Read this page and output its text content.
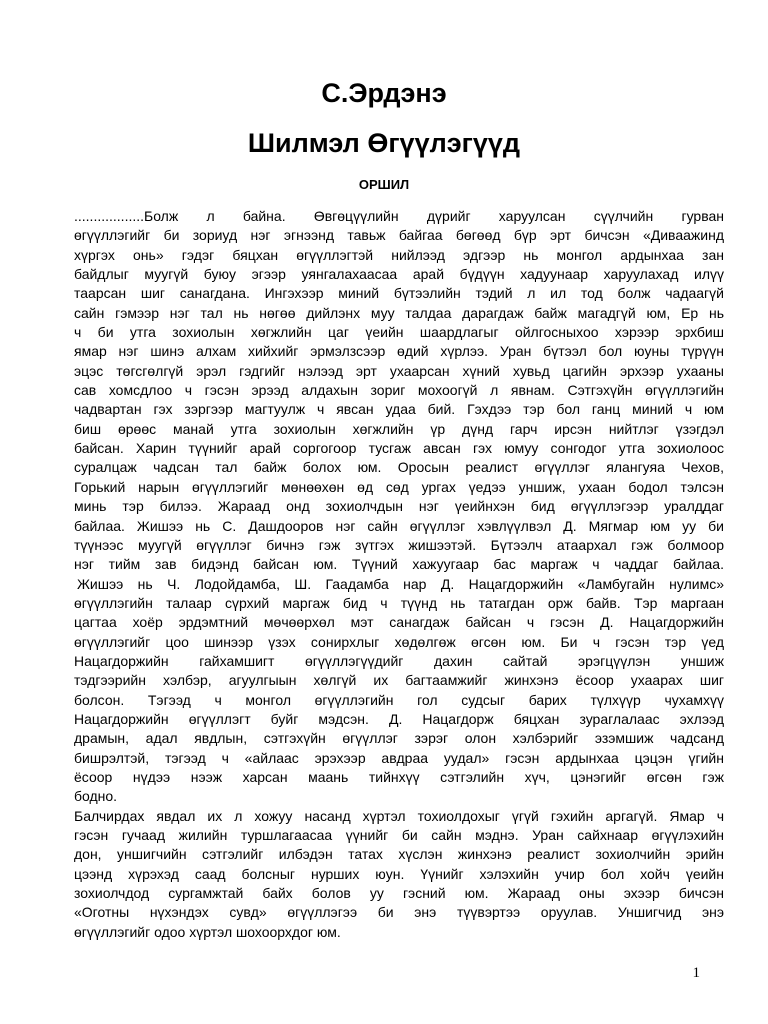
С.Эрдэнэ
Шилмэл Өгүүлэгүүд
ОРШИЛ
..................Болж л байна. Өвгөцүүлийн дүрийг харуулсан сүүлчийн гурван
өгүүллэгийг би зориуд нэг эгнээнд тавьж байгаа бөгөөд бүр эрт бичсэн «Диваажинд
хүргэх онь» гэдэг бяцхан өгүүллэгтэй нийлээд эдгээр нь монгол ардынхаа зан
байдлыг муугүй буюу эгээр уянгалахаасаа арай бүдүүн хадуунаар харуулахад илүү
таарсан шиг санагдана. Ингэхээр миний бүтээлийн тэдий л ил тод болж чадаагүй
сайн гэмээр нэг тал нь нөгөө дийлэнх муу талдаа дарагдаж байж магадгүй юм, Ер нь
ч би утга зохиолын хөгжлийн цаг үеийн шаардлагыг ойлгосныхоо хэрээр эрхбиш
ямар нэг шинэ алхам хийхийг эрмэлзсээр өдий хүрлээ. Уран бүтээл бол юуны түрүүн
эцэс төгсгөлгүй эрэл гэдгийг нэлээд эрт ухаарсан хүний хувьд цагийн эрхээр ухааны
сав хомсдлоо ч гэсэн эрээд алдахын зориг мохоогүй л явнам. Сэтгэхүйн өгүүллэгийн
чадвартан гэх зэргээр магтуулж ч явсан удаа бий. Гэхдээ тэр бол ганц миний ч юм
биш өрөөс манай утга зохиолын хөгжлийн үр дүнд гарч ирсэн нийтлэг үзэгдэл
байсан. Харин түүнийг арай соргогоор тусгаж авсан гэх юмуу сонгодог утга зохиолоос
суралцаж чадсан тал байж болох юм. Оросын реалист өгүүллэг ялангуяа Чехов,
Горький нарын өгүүллэгийг мөнөөхөн өд сөд ургах үедээ уншиж, ухаан бодол тэлсэн
минь тэр билээ. Жараад онд зохиолчдын нэг үеийнхэн бид өгүүллэгээр уралддаг
байлаа. Жишээ нь С. Дашдооров нэг сайн өгүүллэг хэвлүүлвэл Д. Мягмар юм уу би
түүнээс муугүй өгүүллэг бичнэ гэж зүтгэх жишээтэй. Бүтээлч атаархал гэж болмоор
нэг тийм зав бидэнд байсан юм. Түүний хажуугаар бас маргаж ч чаддаг байлаа.
Жишээ нь Ч. Лодойдамба, Ш. Гаадамба нар Д. Нацагдоржийн «Ламбугайн нулимс»
өгүүллэгийн талаар сүрхий маргаж бид ч түүнд нь татагдан орж байв. Тэр маргаан
цагтаа хоёр эрдэмтний мөчөөрхөл мэт санагдаж байсан ч гэсэн Д. Нацагдоржийн
өгүүллэгийг цоо шинээр үзэх сонирхлыг хөдөлгөж өгсөн юм. Би ч гэсэн тэр үед
Нацагдоржийн гайхамшигт өгүүллэгүүдийг дахин сайтай эрэгцүүлэн уншиж
тэдгээрийн хэлбэр, агуулгыын хөлгүй их багтаамжийг жинхэнэ ёсоор ухаарах шиг
болсон. Тэгээд ч монгол өгүүллэгийн гол судсыг барих түлхүүр чухамхүү
Нацагдоржийн өгүүллэгт буйг мэдсэн. Д. Нацагдорж бяцхан зураглалаас эхлээд
драмын, адал явдлын, сэтгэхүйн өгүүллэг зэрэг олон хэлбэрийг эзэмшиж чадсанд
бишрэлтэй, тэгээд ч «айлаас эрэхээр авдраа уудал» гэсэн ардынхаа цэцэн үгийн
ёсоор нүдээ нээж харсан маань тийнхүү сэтгэлийн хүч, цэнэгийг өгсөн гэж
бодно.
Балчирдах явдал их л хожуу насанд хүртэл тохиолдохыг үгүй гэхийн аргагүй. Ямар ч
гэсэн гучаад жилийн туршлагаасаа үүнийг би сайн мэднэ. Уран сайхнаар өгүүлэхийн
дон, уншигчийн сэтгэлийг илбэдэн татах хүслэн жинхэнэ реалист зохиолчийн эрийн
цээнд хүрэхэд саад болсныг нурших юун. Үүнийг хэлэхийн учир бол хойч үеийн
зохиолчдод сургамжтай байх болов уу гэсний юм. Жараад оны эхээр бичсэн
«Оготны нүхэндэх сувд» өгүүллэгээ би энэ түүвэртээ оруулав. Уншигчид энэ
өгүүллэгийг одоо хүртэл шохоорхдог юм.
1
